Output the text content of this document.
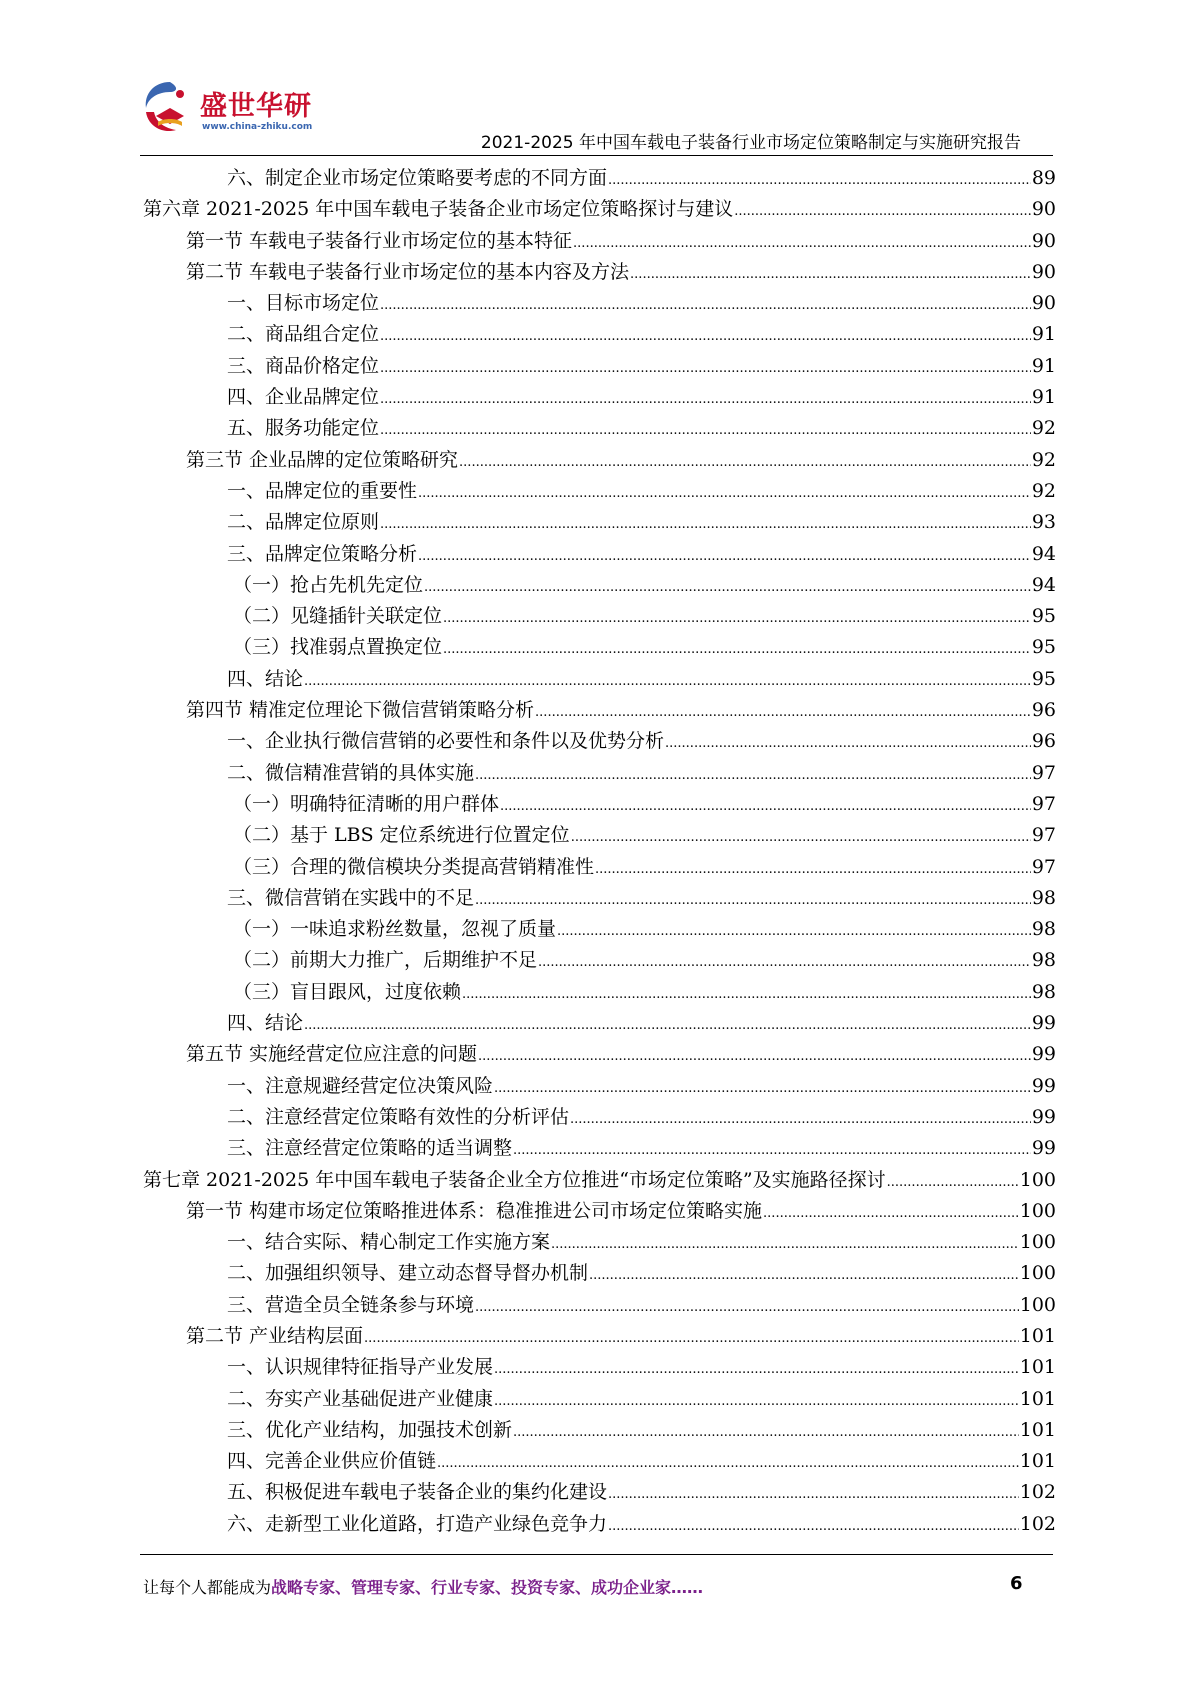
盛世华研
www.china-zhiku.com
2021-2025 年中国车载电子装备行业市场定位策略制定与实施研究报告
六、制定企业市场定位策略要考虑的不同方面 .....	89
第六章 2021-2025 年中国车载电子装备企业市场定位策略探讨与建议 .....	90
第一节 车载电子装备行业市场定位的基本特征 .....	90
第二节 车载电子装备行业市场定位的基本内容及方法 .....	90
一、目标市场定位 .....	90
二、商品组合定位 .....	91
三、商品价格定位 .....	91
四、企业品牌定位 .....	91
五、服务功能定位 .....	92
第三节 企业品牌的定位策略研究 .....	92
一、品牌定位的重要性 .....	92
二、品牌定位原则 .....	93
三、品牌定位策略分析 .....	94
（一）抢占先机先定位 .....	94
（二）见缝插针关联定位 .....	95
（三）找准弱点置换定位 .....	95
四、结论 .....	95
第四节 精准定位理论下微信营销策略分析 .....	96
一、企业执行微信营销的必要性和条件以及优势分析 .....	96
二、微信精准营销的具体实施 .....	97
（一）明确特征清晰的用户群体 .....	97
（二）基于 LBS 定位系统进行位置定位 .....	97
（三）合理的微信模块分类提高营销精准性 .....	97
三、微信营销在实践中的不足 .....	98
（一）一味追求粉丝数量，忽视了质量 .....	98
（二）前期大力推广，后期维护不足 .....	98
（三）盲目跟风，过度依赖 .....	98
四、结论 .....	99
第五节 实施经营定位应注意的问题 .....	99
一、注意规避经营定位决策风险 .....	99
二、注意经营定位策略有效性的分析评估 .....	99
三、注意经营定位策略的适当调整 .....	99
第七章 2021-2025 年中国车载电子装备企业全方位推进“市场定位策略”及实施路径探讨 .....	100
第一节 构建市场定位策略推进体系：稳准推进公司市场定位策略实施 .....	100
一、结合实际、精心制定工作实施方案 .....	100
二、加强组织领导、建立动态督导督办机制 .....	100
三、营造全员全链条参与环境 .....	100
第二节 产业结构层面 .....	101
一、认识规律特征指导产业发展 .....	101
二、夯实产业基础促进产业健康 .....	101
三、优化产业结构，加强技术创新 .....	101
四、完善企业供应价值链 .....	101
五、积极促进车载电子装备企业的集约化建设 .....	102
六、走新型工业化道路，打造产业绿色竞争力 .....	102
让每个人都能成为战略专家、管理专家、行业专家、投资专家、成功企业家……	6
